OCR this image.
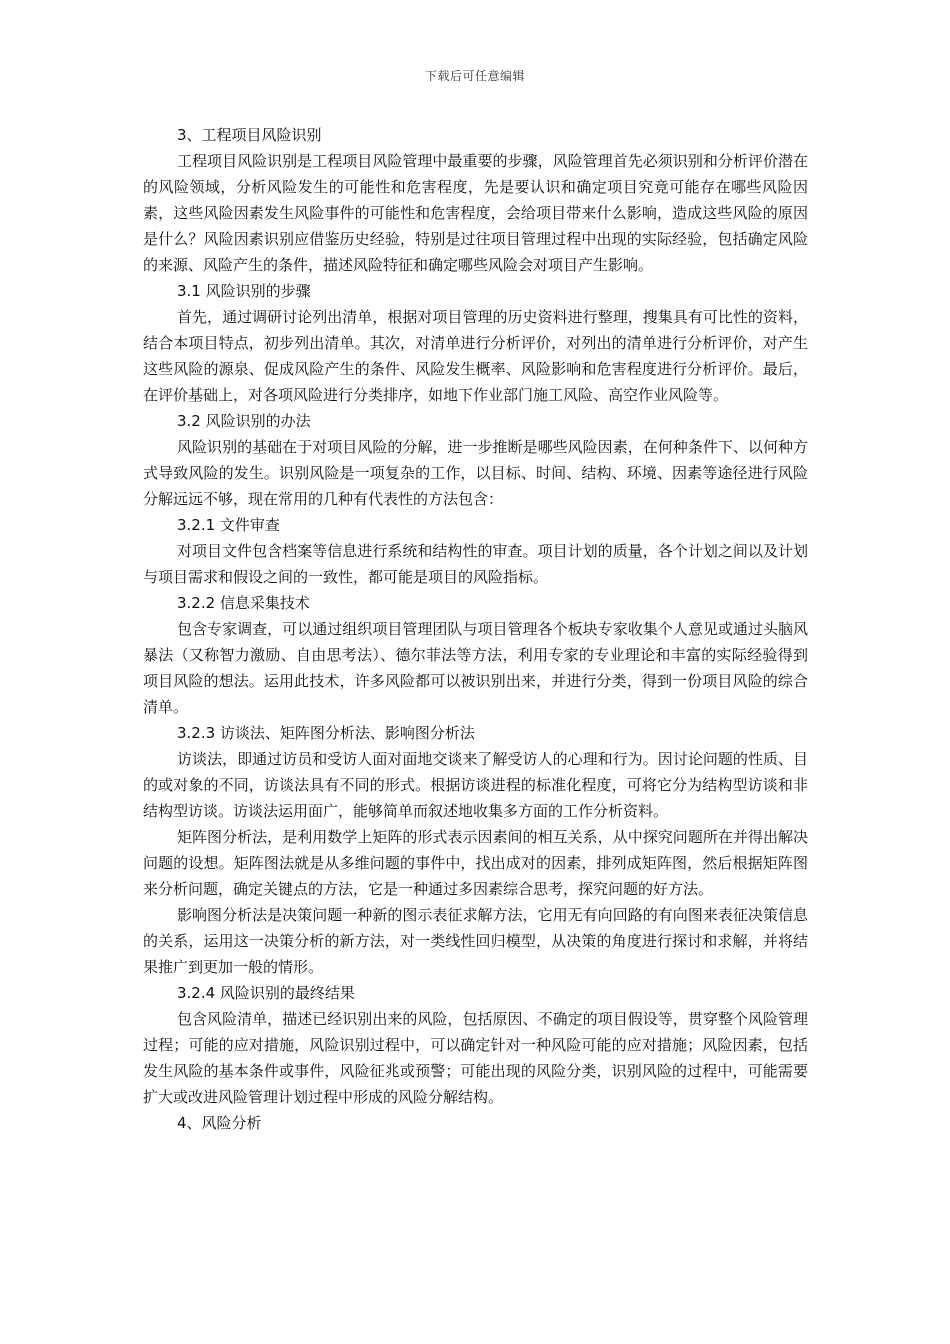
下载后可任意编辑

3、工程项目风险识别

工程项目风险识别是工程项目风险管理中最重要的步骤，风险管理首先必须识别和分析评价潜在的风险领域，分析风险发生的可能性和危害程度，先是要认识和确定项目究竟可能存在哪些风险因素，这些风险因素发生风险事件的可能性和危害程度，会给项目带来什么影响，造成这些风险的原因是什么？风险因素识别应借鉴历史经验，特别是过往项目管理过程中出现的实际经验，包括确定风险的来源、风险产生的条件，描述风险特征和确定哪些风险会对项目产生影响。

3.1 风险识别的步骤

首先，通过调研讨论列出清单，根据对项目管理的历史资料进行整理，搜集具有可比性的资料，结合本项目特点，初步列出清单。其次，对清单进行分析评价，对列出的清单进行分析评价，对产生这些风险的源泉、促成风险产生的条件、风险发生概率、风险影响和危害程度进行分析评价。最后，在评价基础上，对各项风险进行分类排序，如地下作业部门施工风险、高空作业风险等。

3.2 风险识别的办法

风险识别的基础在于对项目风险的分解，进一步推断是哪些风险因素，在何种条件下、以何种方式导致风险的发生。识别风险是一项复杂的工作，以目标、时间、结构、环境、因素等途径进行风险分解远远不够，现在常用的几种有代表性的方法包含：

3.2.1 文件审查

对项目文件包含档案等信息进行系统和结构性的审查。项目计划的质量，各个计划之间以及计划与项目需求和假设之间的一致性，都可能是项目的风险指标。

3.2.2 信息采集技术

包含专家调查，可以通过组织项目管理团队与项目管理各个板块专家收集个人意见或通过头脑风暴法（又称智力激励、自由思考法）、德尔菲法等方法，利用专家的专业理论和丰富的实际经验得到项目风险的想法。运用此技术，许多风险都可以被识别出来，并进行分类，得到一份项目风险的综合清单。

3.2.3 访谈法、矩阵图分析法、影响图分析法

访谈法，即通过访员和受访人面对面地交谈来了解受访人的心理和行为。因讨论问题的性质、目的或对象的不同，访谈法具有不同的形式。根据访谈进程的标准化程度，可将它分为结构型访谈和非结构型访谈。访谈法运用面广，能够简单而叙述地收集多方面的工作分析资料。

矩阵图分析法，是利用数学上矩阵的形式表示因素间的相互关系，从中探究问题所在并得出解决问题的设想。矩阵图法就是从多维问题的事件中，找出成对的因素，排列成矩阵图，然后根据矩阵图来分析问题，确定关键点的方法，它是一种通过多因素综合思考，探究问题的好方法。

影响图分析法是决策问题一种新的图示表征求解方法，它用无有向回路的有向图来表征决策信息的关系，运用这一决策分析的新方法，对一类线性回归模型，从决策的角度进行探讨和求解，并将结果推广到更加一般的情形。

3.2.4 风险识别的最终结果

包含风险清单，描述已经识别出来的风险，包括原因、不确定的项目假设等，贯穿整个风险管理过程；可能的应对措施，风险识别过程中，可以确定针对一种风险可能的应对措施；风险因素，包括发生风险的基本条件或事件，风险征兆或预警；可能出现的风险分类，识别风险的过程中，可能需要扩大或改进风险管理计划过程中形成的风险分解结构。

4、风险分析
